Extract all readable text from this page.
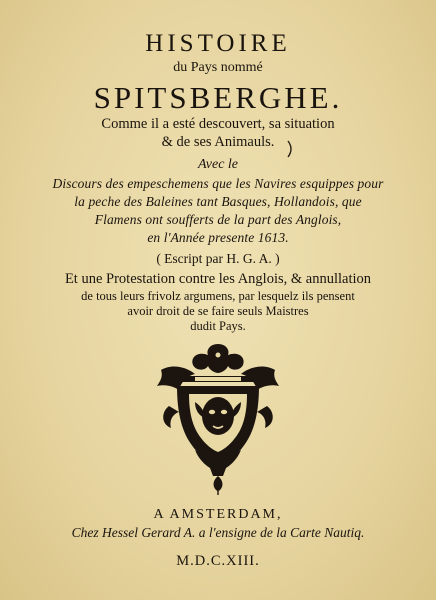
HISTOIRE
du Pays nommé
SPITSBERGHE.
Comme il a esté descouvert, sa situation
& de ses Animauls.
Avec le
Discours des empeschemens que les Navires esquippes pour
la peche des Baleines tant Basques, Hollandois, que
Flamens ont soufferts de la part des Anglois,
en l'Année presente 1613.
( Escript par H. G. A. )
Et une Protestation contre les Anglois, & annullation
de tous leurs frivolz argumens, par lesquelz ils pensent
avoir droit de se faire seuls Maistres
dudit Pays.
A AMSTERDAM,
Chez Hessel Gerard A. a l'ensigne de la Carte Nautiq.
M.D.C.XIII.
